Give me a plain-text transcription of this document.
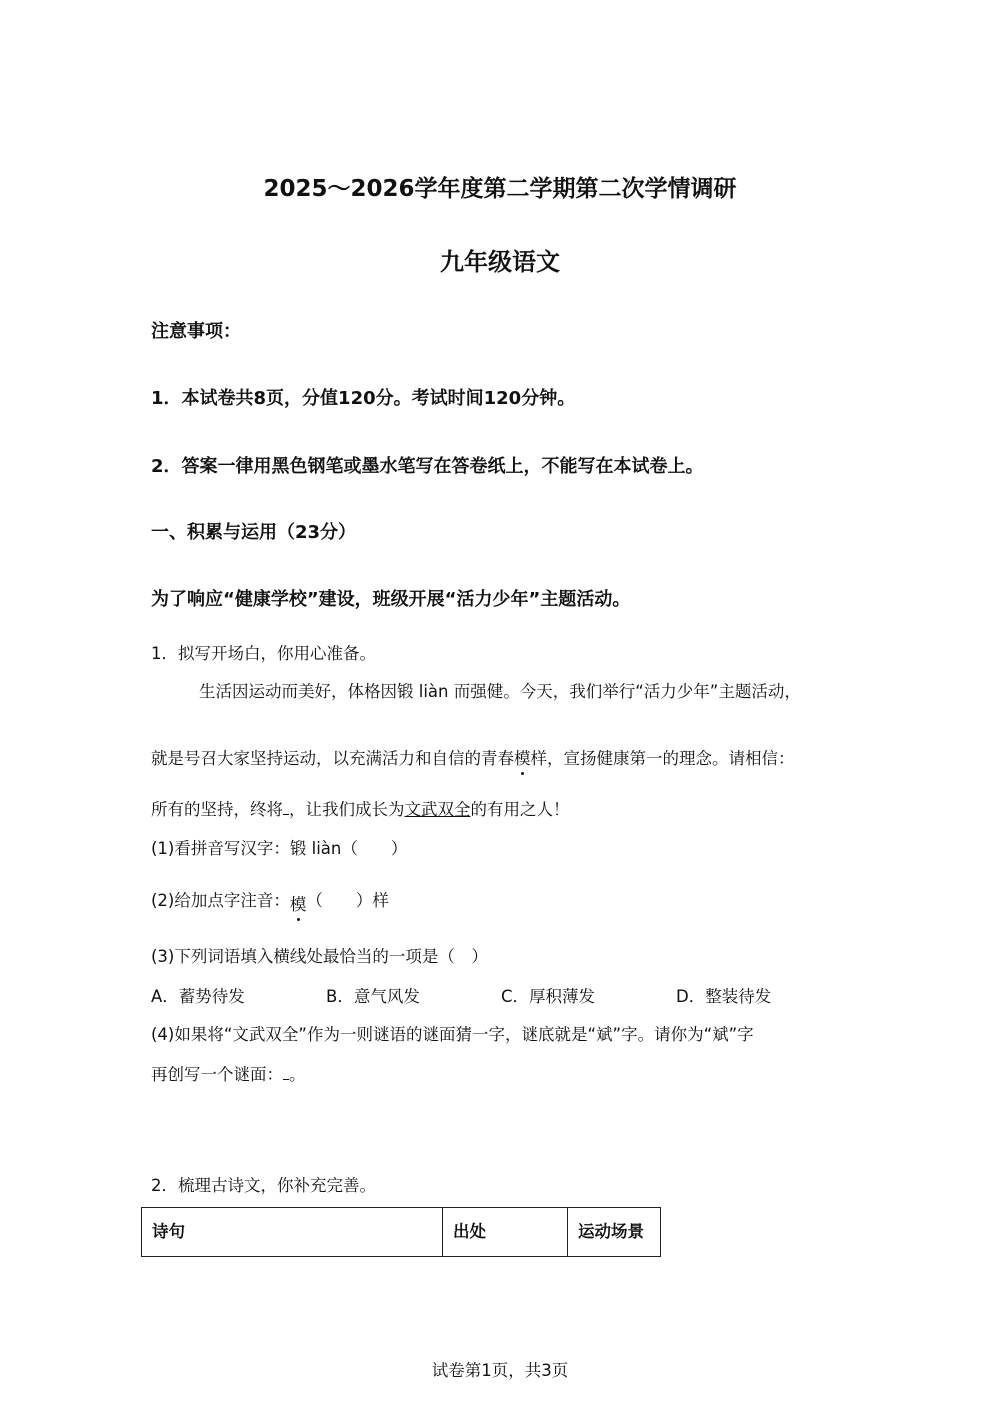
2025～2026学年度第二学期第二次学情调研
九年级语文
注意事项：
1．本试卷共8页，分值120分。考试时间120分钟。
2．答案一律用黑色钢笔或墨水笔写在答卷纸上，不能写在本试卷上。
一、积累与运用（23分）
为了响应“健康学校”建设，班级开展“活力少年”主题活动。
1．拟写开场白，你用心准备。
生活因运动而美好，体格因锻 liàn 而强健。今天，我们举行“活力少年”主题活动，
就是号召大家坚持运动，以充满活力和自信的青春模样，宣扬健康第一的理念。请相信：
所有的坚持，终将 ，让我们成长为文武双全的有用之人！
(1)看拼音写汉字：锻 liàn（　　）
(2)给加点字注音：模（　　）样
(3)下列词语填入横线处最恰当的一项是（　）
A．蓄势待发	B．意气风发	C．厚积薄发	D．整装待发
(4)如果将“文武双全”作为一则谜语的谜面猜一字，谜底就是“斌”字。请你为“斌”字
再创写一个谜面： 。
2．梳理古诗文，你补充完善。
诗句	出处	运动场景
试卷第1页，共3页
